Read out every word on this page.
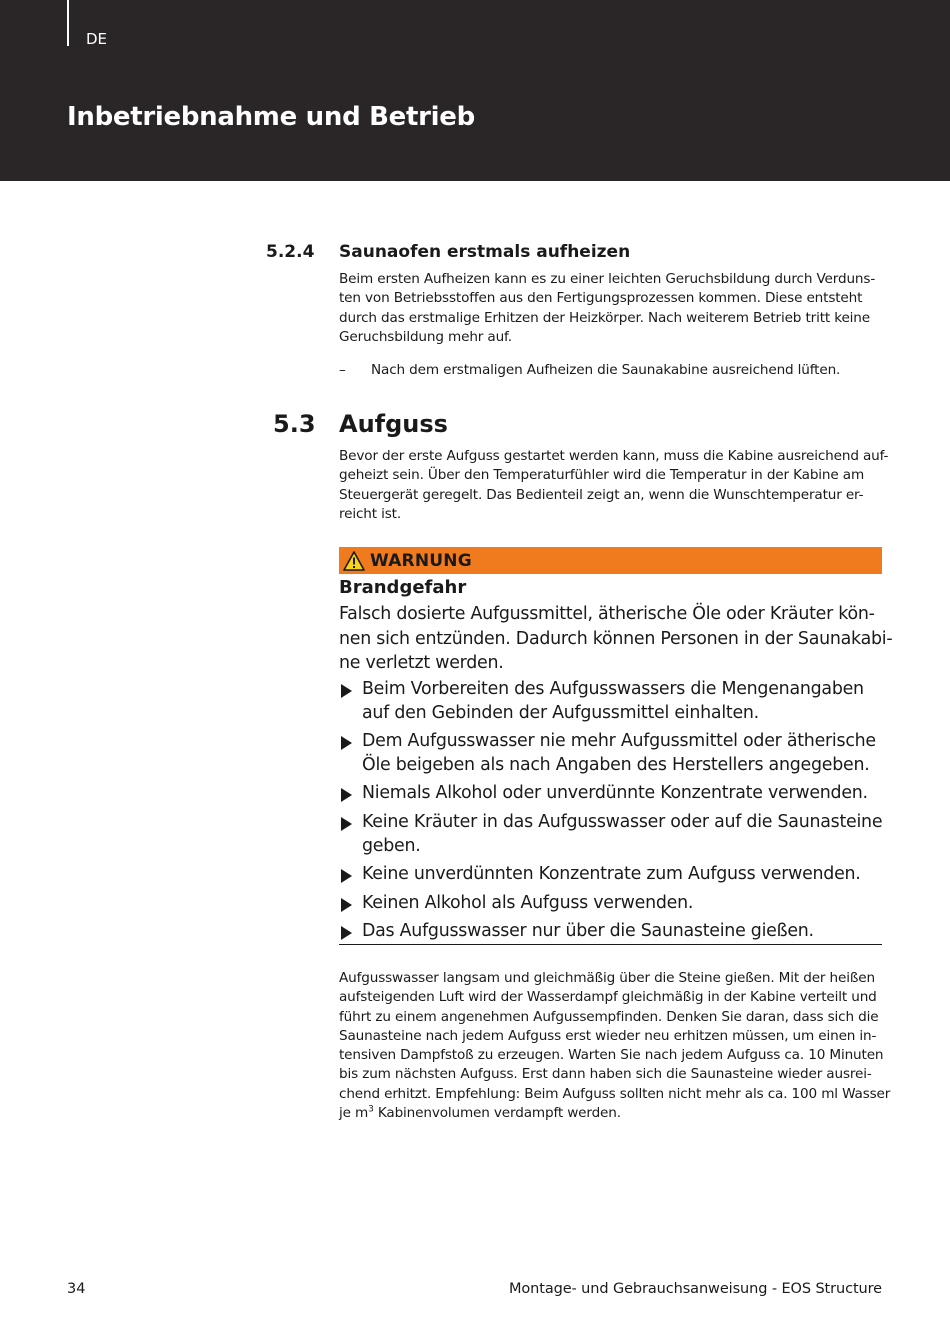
DE
Inbetriebnahme und Betrieb
5.2.4 Saunaofen erstmals aufheizen

Beim ersten Aufheizen kann es zu einer leichten Geruchsbildung durch Verduns-
ten von Betriebsstoffen aus den Fertigungsprozessen kommen. Diese entsteht
durch das erstmalige Erhitzen der Heizkörper. Nach weiterem Betrieb tritt keine
Geruchsbildung mehr auf.

– Nach dem erstmaligen Aufheizen die Saunakabine ausreichend lüften.
5.3 Aufguss

Bevor der erste Aufguss gestartet werden kann, muss die Kabine ausreichend auf-
geheizt sein. Über den Temperaturfühler wird die Temperatur in der Kabine am
Steuergerät geregelt. Das Bedienteil zeigt an, wenn die Wunschtemperatur er-
reicht ist.

WARNUNG
Brandgefahr
Falsch dosierte Aufgussmittel, ätherische Öle oder Kräuter kön-
nen sich entzünden. Dadurch können Personen in der Saunakabi-
ne verletzt werden.
Beim Vorbereiten des Aufgusswassers die Mengenangaben
auf den Gebinden der Aufgussmittel einhalten.
Dem Aufgusswasser nie mehr Aufgussmittel oder ätherische
Öle beigeben als nach Angaben des Herstellers angegeben.
Niemals Alkohol oder unverdünnte Konzentrate verwenden.
Keine Kräuter in das Aufgusswasser oder auf die Saunasteine
geben.
Keine unverdünnten Konzentrate zum Aufguss verwenden.
Keinen Alkohol als Aufguss verwenden.
Das Aufgusswasser nur über die Saunasteine gießen.

Aufgusswasser langsam und gleichmäßig über die Steine gießen. Mit der heißen
aufsteigenden Luft wird der Wasserdampf gleichmäßig in der Kabine verteilt und
führt zu einem angenehmen Aufgussempfinden. Denken Sie daran, dass sich die
Saunasteine nach jedem Aufguss erst wieder neu erhitzen müssen, um einen in-
tensiven Dampfstoß zu erzeugen. Warten Sie nach jedem Aufguss ca. 10 Minuten
bis zum nächsten Aufguss. Erst dann haben sich die Saunasteine wieder ausrei-
chend erhitzt. Empfehlung: Beim Aufguss sollten nicht mehr als ca. 100 ml Wasser
je $m^3$ Kabinenvolumen verdampft werden.

34	Montage- und Gebrauchsanweisung - EOS Structure
